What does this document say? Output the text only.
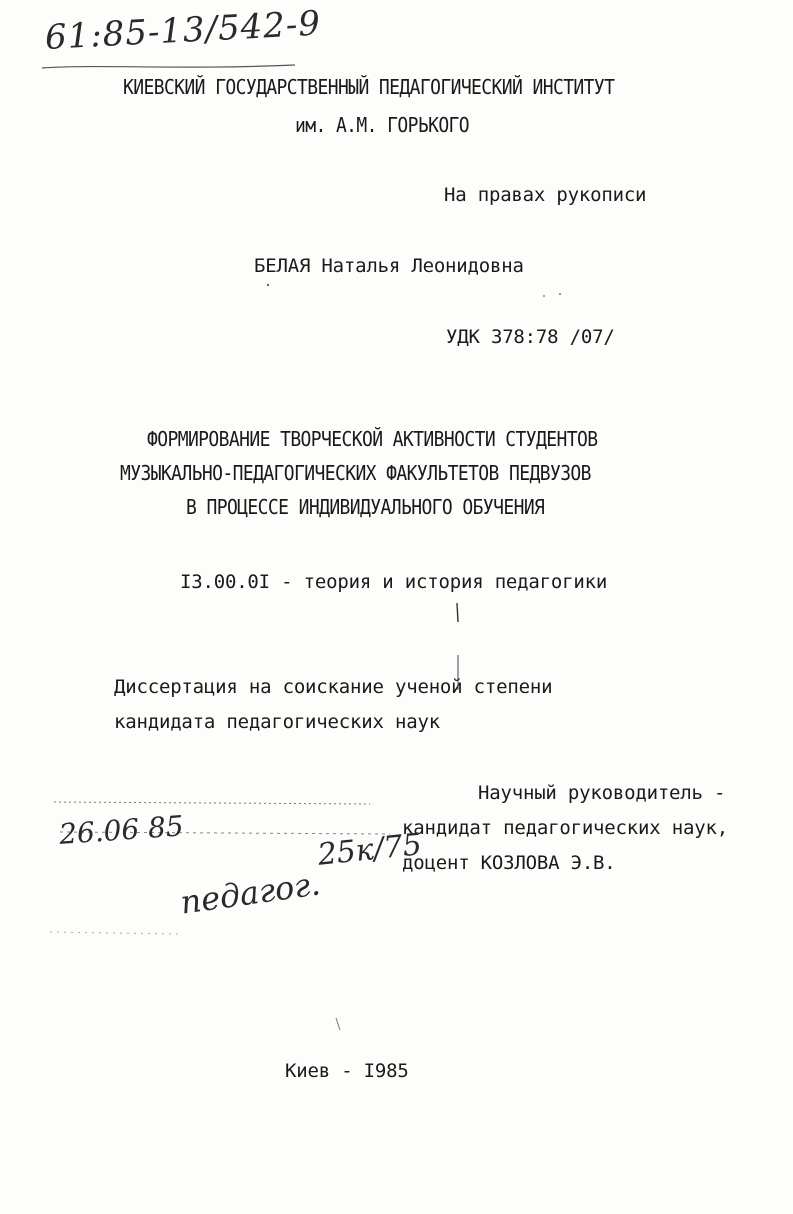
61:85-13/542-9
КИЕВСКИЙ ГОСУДАРСТВЕННЫЙ ПЕДАГОГИЧЕСКИЙ ИНСТИТУТ
им. А.М. ГОРЬКОГО
На правах рукописи
БЕЛАЯ Наталья Леонидовна
УДК 378:78 /07/
ФОРМИРОВАНИЕ ТВОРЧЕСКОЙ АКТИВНОСТИ СТУДЕНТОВ
МУЗЫКАЛЬНО-ПЕДАГОГИЧЕСКИХ ФАКУЛЬТЕТОВ ПЕДВУЗОВ
В ПРОЦЕССЕ ИНДИВИДУАЛЬНОГО ОБУЧЕНИЯ
I3.00.0I - теория и история педагогики
Диссертация на соискание ученой степени
кандидата педагогических наук
Научный руководитель -
кандидат педагогических наук,
доцент КОЗЛОВА Э.В.
26.06 85	25к/75
педагог.
Киев - I985
